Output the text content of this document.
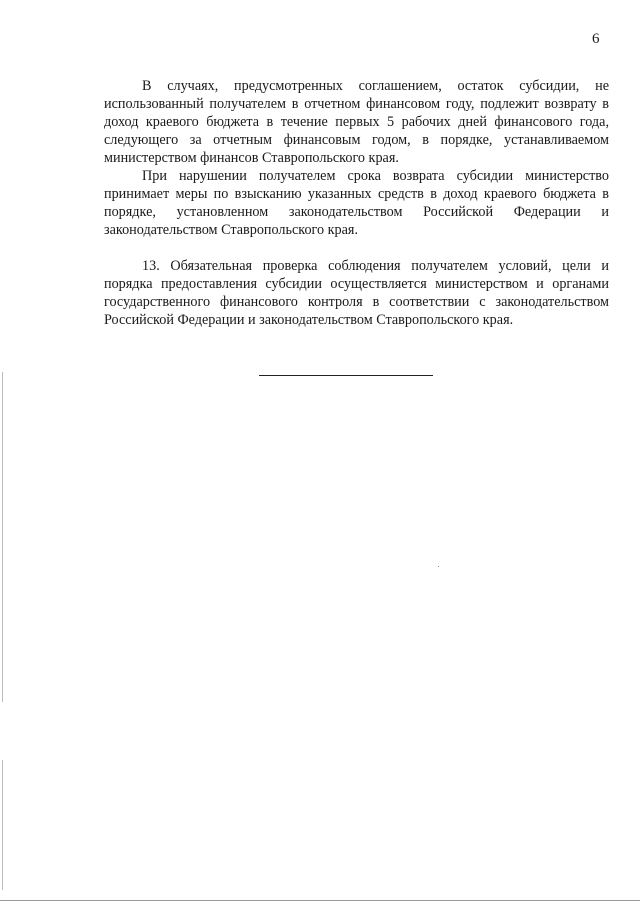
6

В случаях, предусмотренных соглашением, остаток субсидии, не использованный получателем в отчетном финансовом году, подлежит возврату в доход краевого бюджета в течение первых 5 рабочих дней финансового года, следующего за отчетным финансовым годом, в порядке, устанавливаемом министерством финансов Ставропольского края.

При нарушении получателем срока возврата субсидии министерство принимает меры по взысканию указанных средств в доход краевого бюджета в порядке, установленном законодательством Российской Федерации и законодательством Ставропольского края.

13. Обязательная проверка соблюдения получателем условий, цели и порядка предоставления субсидии осуществляется министерством и органами государственного финансового контроля в соответствии с законодательством Российской Федерации и законодательством Ставропольского края.
